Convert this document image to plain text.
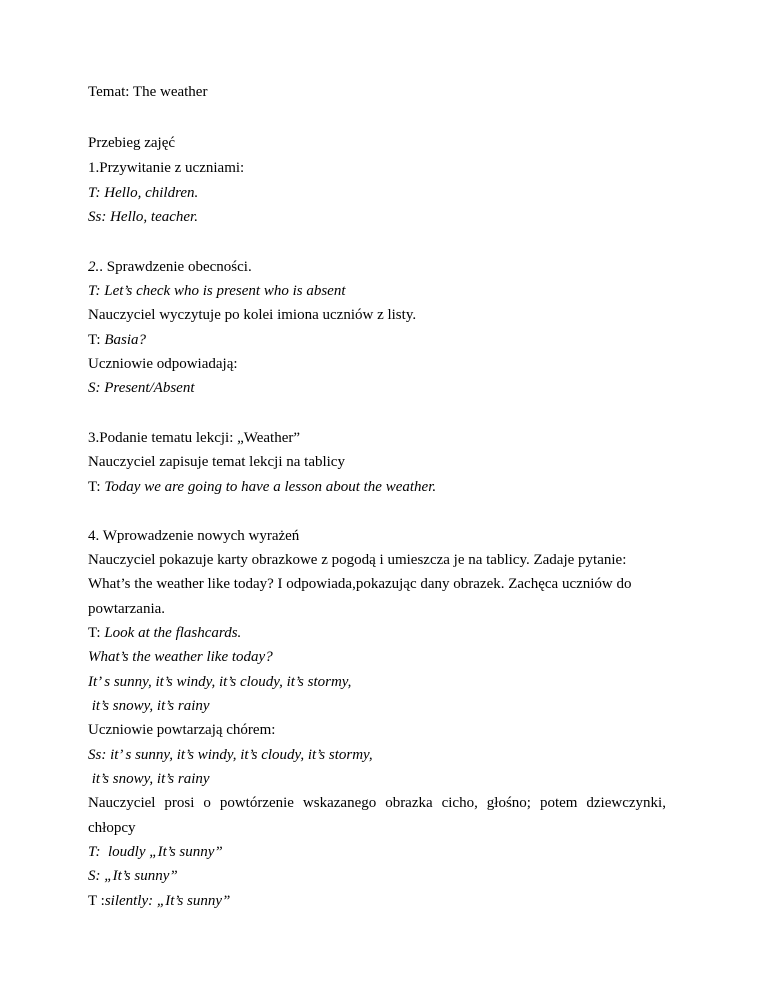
Temat: The weather
Przebieg zajęć
1.Przywitanie z uczniami:
T: Hello, children.
Ss: Hello, teacher.
2.. Sprawdzenie obecności.
T: Let’s check who is present who is absent
Nauczyciel wyczytuje po kolei imiona uczniów z listy.
T: Basia?
Uczniowie odpowiadają:
S: Present/Absent
3.Podanie tematu lekcji: „Weather”
Nauczyciel zapisuje temat lekcji na tablicy
T: Today we are going to have a lesson about the weather.
4. Wprowadzenie nowych wyrażeń
Nauczyciel pokazuje karty obrazkowe z pogodą i umieszcza je na tablicy. Zadaje pytanie:
What’s the weather like today? I odpowiada,pokazując dany obrazek. Zachęca uczniów do
powtarzania.
T: Look at the flashcards.
What’s the weather like today?
It’ s sunny, it’s windy, it’s cloudy, it’s stormy,
it’s snowy, it’s rainy
Uczniowie powtarzają chórem:
Ss: it’ s sunny, it’s windy, it’s cloudy, it’s stormy,
it’s snowy, it’s rainy
Nauczyciel prosi o powtórzenie wskazanego obrazka cicho, głośno; potem dziewczynki,
chłopcy
T:  loudly „It’s sunny”
S: „It’s sunny”
T :silently: „It’s sunny”
